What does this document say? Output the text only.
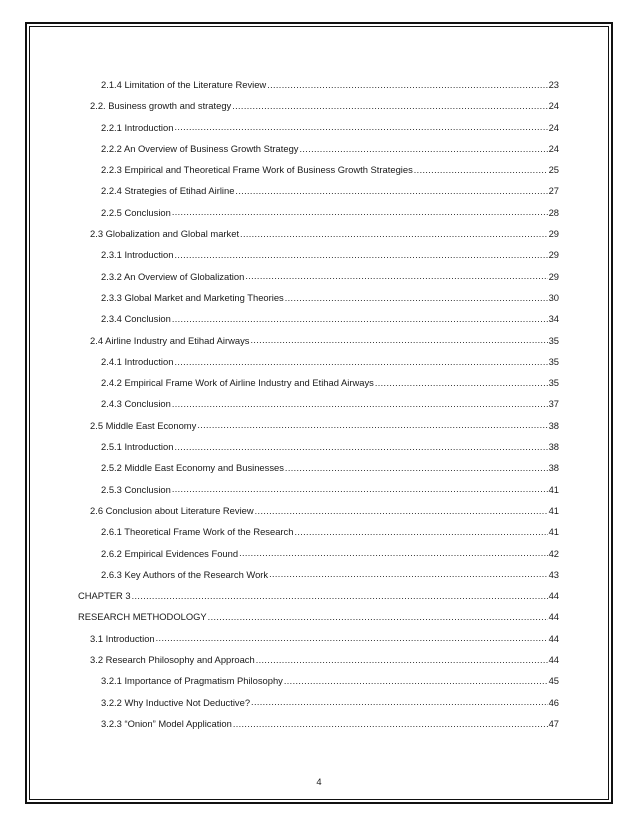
2.1.4 Limitation of the Literature Review .....	23
2.2. Business growth and strategy .....	24
2.2.1 Introduction .....	24
2.2.2 An Overview of Business Growth Strategy .....	24
2.2.3 Empirical and Theoretical Frame Work of Business Growth Strategies .....	25
2.2.4 Strategies of Etihad Airline .....	27
2.2.5 Conclusion .....	28
2.3 Globalization and Global market .....	29
2.3.1 Introduction .....	29
2.3.2 An Overview of Globalization .....	29
2.3.3 Global Market and Marketing Theories .....	30
2.3.4 Conclusion .....	34
2.4 Airline Industry and Etihad Airways .....	35
2.4.1 Introduction .....	35
2.4.2 Empirical Frame Work of Airline Industry and Etihad Airways .....	35
2.4.3 Conclusion .....	37
2.5 Middle East Economy .....	38
2.5.1 Introduction .....	38
2.5.2 Middle East Economy and Businesses .....	38
2.5.3 Conclusion .....	41
2.6 Conclusion about Literature Review .....	41
2.6.1 Theoretical Frame Work of the Research .....	41
2.6.2 Empirical Evidences Found .....	42
2.6.3 Key Authors of the Research Work .....	43
CHAPTER 3 .....	44
RESEARCH METHODOLOGY .....	44
3.1 Introduction .....	44
3.2 Research Philosophy and Approach .....	44
3.2.1 Importance of Pragmatism Philosophy .....	45
3.2.2 Why Inductive Not Deductive? .....	46
3.2.3 “Onion” Model Application .....	47
4
